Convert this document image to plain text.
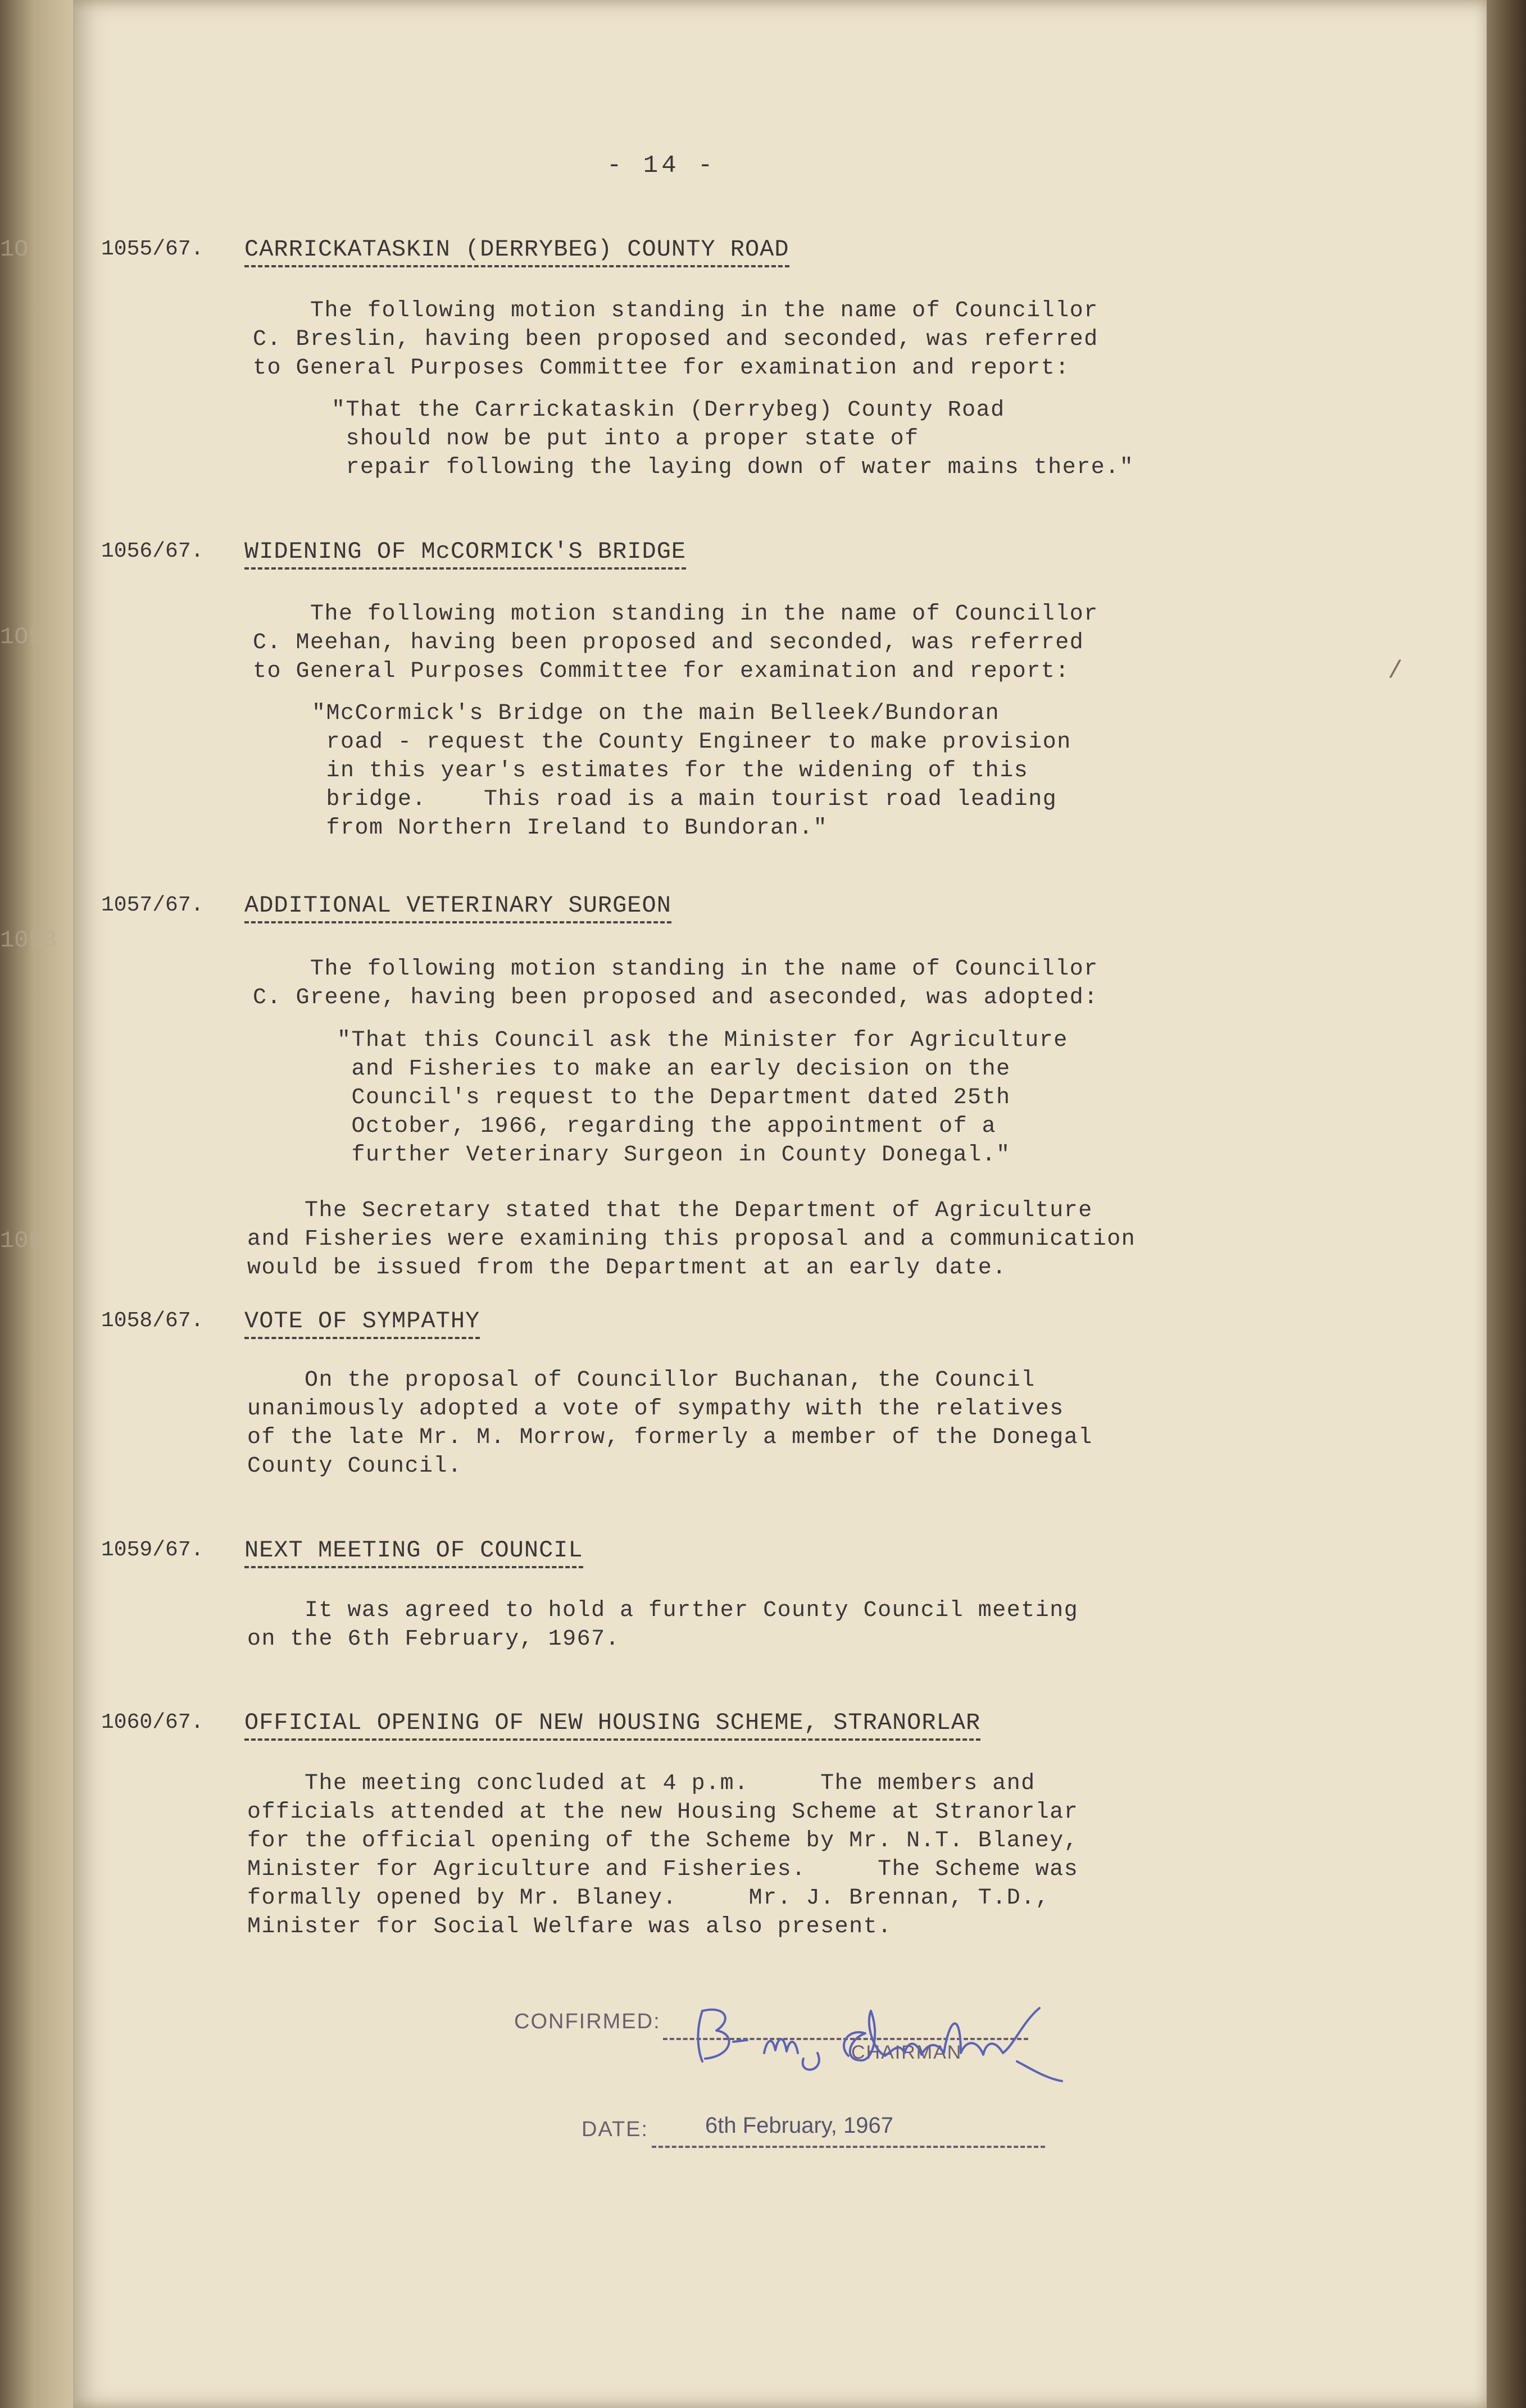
1O
1O5
1053
105
- 14 -
1055/67. CARRICKATASKIN (DERRYBEG) COUNTY ROAD
The following motion standing in the name of Councillor
C. Breslin, having been proposed and seconded, was referred
to General Purposes Committee for examination and report:
"That the Carrickataskin (Derrybeg) County Road
should now be put into a proper state of
repair following the laying down of water mains there."
1056/67. WIDENING OF McCORMICK'S BRIDGE
The following motion standing in the name of Councillor
C. Meehan, having been proposed and seconded, was referred
to General Purposes Committee for examination and report:
"McCormick's Bridge on the main Belleek/Bundoran
road - request the County Engineer to make provision
in this year's estimates for the widening of this
bridge.    This road is a main tourist road leading
from Northern Ireland to Bundoran."
1057/67. ADDITIONAL VETERINARY SURGEON
The following motion standing in the name of Councillor
C. Greene, having been proposed and aseconded, was adopted:
"That this Council ask the Minister for Agriculture
and Fisheries to make an early decision on the
Council's request to the Department dated 25th
October, 1966, regarding the appointment of a
further Veterinary Surgeon in County Donegal."
The Secretary stated that the Department of Agriculture
and Fisheries were examining this proposal and a communication
would be issued from the Department at an early date.
1058/67. VOTE OF SYMPATHY
On the proposal of Councillor Buchanan, the Council
unanimously adopted a vote of sympathy with the relatives
of the late Mr. M. Morrow, formerly a member of the Donegal
County Council.
1059/67. NEXT MEETING OF COUNCIL
It was agreed to hold a further County Council meeting
on the 6th February, 1967.
1060/67. OFFICIAL OPENING OF NEW HOUSING SCHEME, STRANORLAR
The meeting concluded at 4 p.m.     The members and
officials attended at the new Housing Scheme at Stranorlar
for the official opening of the Scheme by Mr. N.T. Blaney,
Minister for Agriculture and Fisheries.     The Scheme was
formally opened by Mr. Blaney.     Mr. J. Brennan, T.D.,
Minister for Social Welfare was also present.
CONFIRMED:
CHAIRMAN
DATE:	6th February, 1967
/
